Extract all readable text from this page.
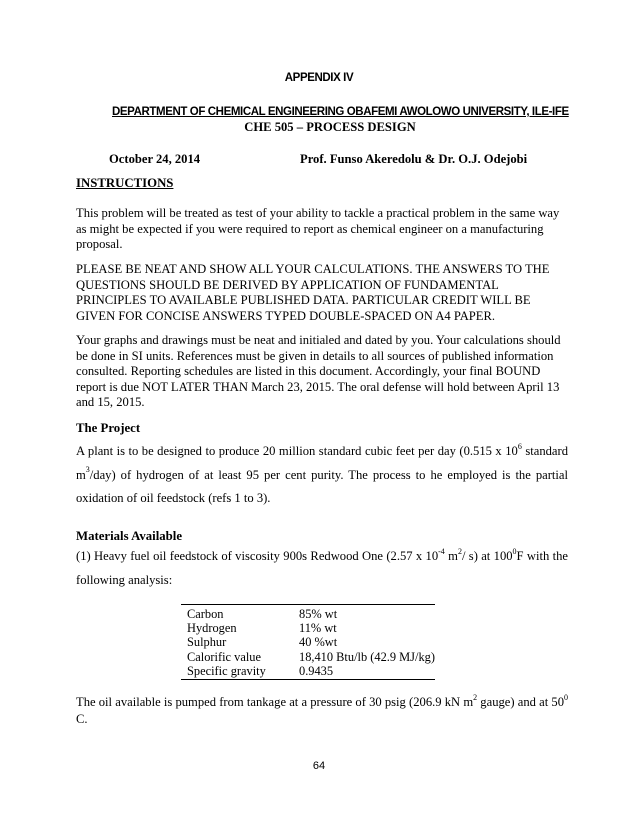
APPENDIX IV
DEPARTMENT OF CHEMICAL ENGINEERING OBAFEMI AWOLOWO UNIVERSITY, ILE-IFE
CHE 505 – PROCESS DESIGN
October 24, 2014	Prof. Funso Akeredolu & Dr. O.J. Odejobi
INSTRUCTIONS
This problem will be treated as test of your ability to tackle a practical problem in the same way as might be expected if you were required to report as chemical engineer on a manufacturing proposal.
PLEASE BE NEAT AND SHOW ALL YOUR CALCULATIONS. THE ANSWERS TO THE QUESTIONS SHOULD BE DERIVED BY APPLICATION OF FUNDAMENTAL PRINCIPLES TO AVAILABLE PUBLISHED DATA. PARTICULAR CREDIT WILL BE GIVEN FOR CONCISE ANSWERS TYPED DOUBLE-SPACED ON A4 PAPER.
Your graphs and drawings must be neat and initialed and dated by you. Your calculations should be done in SI units. References must be given in details to all sources of published information consulted. Reporting schedules are listed in this document. Accordingly, your final BOUND report is due NOT LATER THAN March 23, 2015. The oral defense will hold between April 13 and 15, 2015.
The Project
A plant is to be designed to produce 20 million standard cubic feet per day (0.515 x $10^6$ standard $m^3/day$) of hydrogen of at least 95 per cent purity. The process to he employed is the partial oxidation of oil feedstock (refs 1 to 3).
Materials Available
(1) Heavy fuel oil feedstock of viscosity 900s Redwood One (2.57 x $10^{-4}$ $m^2/$ s) at $100^0F$ with the following analysis:
Carbon	85% wt
Hydrogen	11% wt
Sulphur	40 %wt
Calorific value	18,410 Btu/lb (42.9 MJ/kg)
Specific gravity	0.9435
The oil available is pumped from tankage at a pressure of 30 psig (206.9 kN $m^2$ gauge) and at $50^0$ C.
64
